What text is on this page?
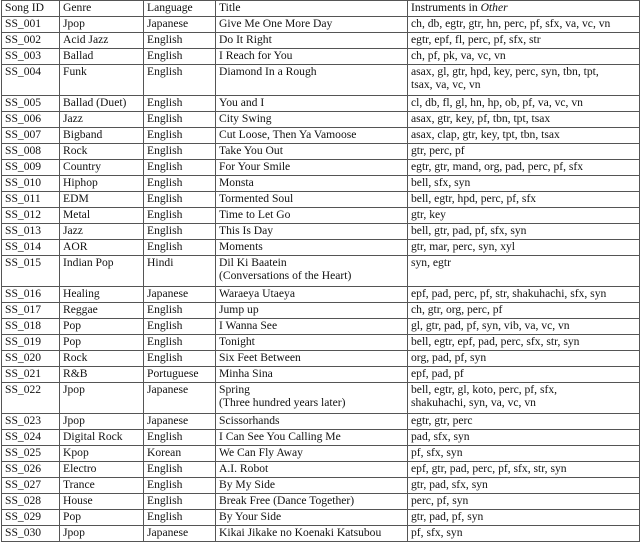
Song ID	Genre	Language	Title	Instruments in Other
SS_001	Jpop	Japanese	Give Me One More Day	ch, db, egtr, gtr, hn, perc, pf, sfx, va, vc, vn

SS_002	Acid Jazz	English	Do It Right	egtr, epf, fl, perc, pf, sfx, str

SS_003	Ballad	English	I Reach for You	ch, pf, pk, va, vc, vn

SS_004	Funk	English	Diamond In a Rough	asax, gl, gtr, hpd, key, perc, syn, tbn, tpt,
tsax, va, vc, vn

SS_005	Ballad (Duet)	English	You and I	cl, db, fl, gl, hn, hp, ob, pf, va, vc, vn

SS_006	Jazz	English	City Swing	asax, gtr, key, pf, tbn, tpt, tsax

SS_007	Bigband	English	Cut Loose, Then Ya Vamoose	asax, clap, gtr, key, tpt, tbn, tsax

SS_008	Rock	English	Take You Out	gtr, perc, pf

SS_009	Country	English	For Your Smile	egtr, gtr, mand, org, pad, perc, pf, sfx

SS_010	Hiphop	English	Monsta	bell, sfx, syn

SS_011	EDM	English	Tormented Soul	bell, egtr, hpd, perc, pf, sfx

SS_012	Metal	English	Time to Let Go	gtr, key

SS_013	Jazz	English	This Is Day	bell, gtr, pad, pf, sfx, syn

SS_014	AOR	English	Moments	gtr, mar, perc, syn, xyl

SS_015	Indian Pop	Hindi	Dil Ki Baatein
(Conversations of the Heart)	syn, egtr

SS_016	Healing	Japanese	Waraeya Utaeya	epf, pad, perc, pf, str, shakuhachi, sfx, syn

SS_017	Reggae	English	Jump up	ch, gtr, org, perc, pf

SS_018	Pop	English	I Wanna See	gl, gtr, pad, pf, syn, vib, va, vc, vn

SS_019	Pop	English	Tonight	bell, egtr, epf, pad, perc, sfx, str, syn

SS_020	Rock	English	Six Feet Between	org, pad, pf, syn

SS_021	R&B	Portuguese	Minha Sina	epf, pad, pf

SS_022	Jpop	Japanese	Spring
(Three hundred years later)	bell, egtr, gl, koto, perc, pf, sfx,
shakuhachi, syn, va, vc, vn

SS_023	Jpop	Japanese	Scissorhands	egtr, gtr, perc

SS_024	Digital Rock	English	I Can See You Calling Me	pad, sfx, syn

SS_025	Kpop	Korean	We Can Fly Away	pf, sfx, syn

SS_026	Electro	English	A.I. Robot	epf, gtr, pad, perc, pf, sfx, str, syn

SS_027	Trance	English	By My Side	gtr, pad, sfx, syn

SS_028	House	English	Break Free (Dance Together)	perc, pf, syn

SS_029	Pop	English	By Your Side	gtr, pad, pf, syn

SS_030	Jpop	Japanese	Kikai Jikake no Koenaki Katsubou	pf, sfx, syn
